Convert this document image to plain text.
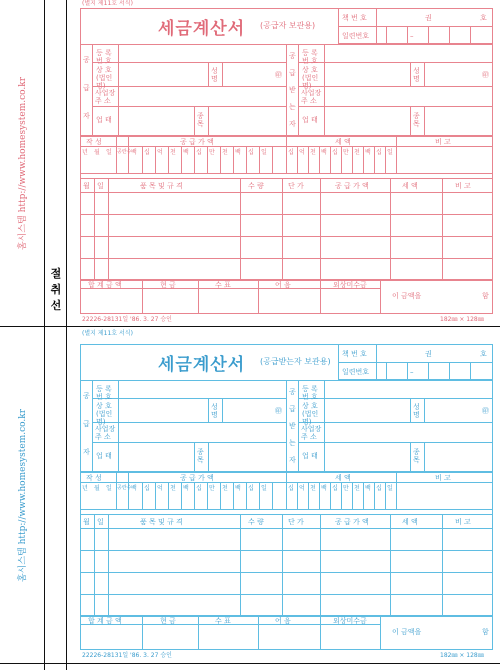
홈시스템 http://www.homesystem.co.kr
홈시스템 http://www.homesystem.co.kr
절
취
선
(별지 제11호 서식)
세금계산서 (공급자 보관용)
책 번 호	권	호
일련번호	–
공
급
자
공
급
받
는
자
등 록 번 호
상 호 (법인명)
사업장 주 소
업 태
성 명	㊞
종 목
등 록 번 호
상 호 (법인명)
사업장 주 소
업 태
성 명	㊞
종 목
작 성	공 급 가 액	세 액	비 고
년 월 일 공란수 백 십 억 천 백 십 만 천 백 십 일	십 억 천 백 십 만 천 백 십 일
월 일	품 목 및 규 격	수 량	단 가	공 급 가 액	세 액	비 고
합 계 금 액	현 금	수 표	어 음	외상미수금
이 금액을	함
22226-28131일 '86. 3. 27 승인	182㎜ × 128㎜
(별지 제11호 서식)
세금계산서 (공급받는자 보관용)
책 번 호	권	호
일련번호	–
공
급
자
공
급
받
는
자
등 록 번 호
상 호 (법인명)
사업장 주 소
업 태
성 명	㊞
종 목
등 록 번 호
상 호 (법인명)
사업장 주 소
업 태
성 명	㊞
종 목
작 성	공 급 가 액	세 액	비 고
년 월 일 공란수 백 십 억 천 백 십 만 천 백 십 일	십 억 천 백 십 만 천 백 십 일
월 일	품 목 및 규 격	수 량	단 가	공 급 가 액	세 액	비 고
합 계 금 액	현 금	수 표	어 음	외상미수금
이 금액을	함
22226-28131일 '86. 3. 27 승인	182㎜ × 128㎜
